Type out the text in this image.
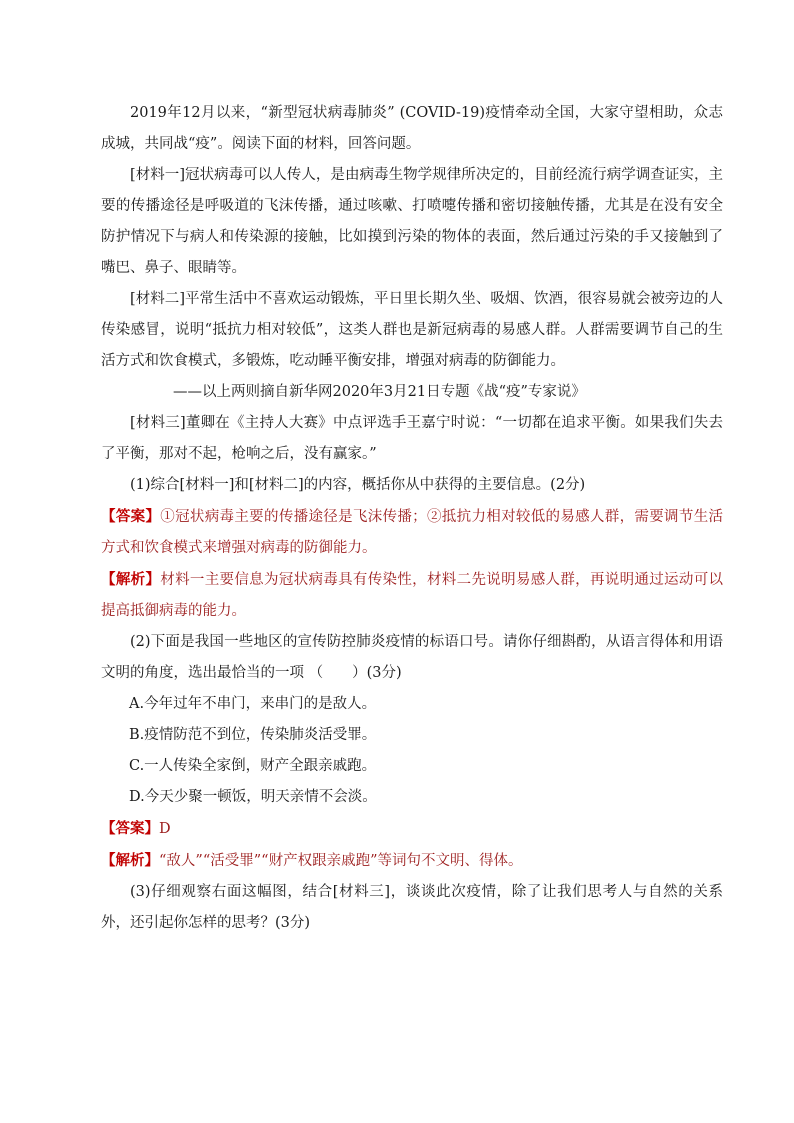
2019年12月以来，“新型冠状病毒肺炎” (COVID-19)疫情牵动全国，大家守望相助，众志成城，共同战“疫”。阅读下面的材料，回答问题。

[材料一]冠状病毒可以人传人，是由病毒生物学规律所决定的，目前经流行病学调查证实，主要的传播途径是呼吸道的飞沫传播，通过咳嗽、打喷嚏传播和密切接触传播，尤其是在没有安全防护情况下与病人和传染源的接触，比如摸到污染的物体的表面，然后通过污染的手又接触到了嘴巴、鼻子、眼睛等。

[材料二]平常生活中不喜欢运动锻炼，平日里长期久坐、吸烟、饮酒，很容易就会被旁边的人传染感冒，说明“抵抗力相对较低”，这类人群也是新冠病毒的易感人群。人群需要调节自己的生活方式和饮食模式，多锻炼，吃动睡平衡安排，增强对病毒的防御能力。

——以上两则摘自新华网2020年3月21日专题《战“疫”专家说》

[材料三]董卿在《主持人大赛》中点评选手王嘉宁时说：“一切都在追求平衡。如果我们失去了平衡，那对不起，枪响之后，没有赢家。”

(1)综合[材料一]和[材料二]的内容，概括你从中获得的主要信息。(2分)

【答案】①冠状病毒主要的传播途径是飞沫传播；②抵抗力相对较低的易感人群，需要调节生活方式和饮食模式来增强对病毒的防御能力。

【解析】材料一主要信息为冠状病毒具有传染性，材料二先说明易感人群，再说明通过运动可以提高抵御病毒的能力。

(2)下面是我国一些地区的宣传防控肺炎疫情的标语口号。请你仔细斟酌，从语言得体和用语文明的角度，选出最恰当的一项 （　　）(3分)

A.今年过年不串门，来串门的是敌人。

B.疫情防范不到位，传染肺炎活受罪。

C.一人传染全家倒，财产全跟亲戚跑。

D.今天少聚一顿饭，明天亲情不会淡。

【答案】D

【解析】“敌人”“活受罪”“财产权跟亲戚跑”等词句不文明、得体。

(3)仔细观察右面这幅图，结合[材料三]，谈谈此次疫情，除了让我们思考人与自然的关系外，还引起你怎样的思考？(3分)
